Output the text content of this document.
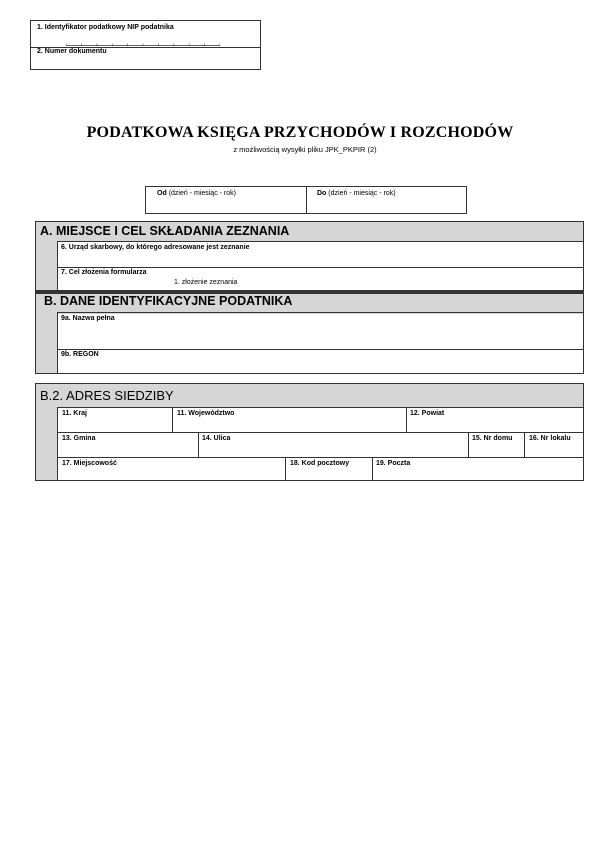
1. Identyfikator podatkowy NIP podatnika
2. Numer dokumentu
PODATKOWA KSIĘGA PRZYCHODÓW I ROZCHODÓW
z możliwością wysyłki pliku JPK_PKPIR (2)
Od (dzień - miesiąc - rok)	Do (dzień - miesiąc - rok)
A. MIEJSCE I CEL SKŁADANIA ZEZNANIA
6. Urząd skarbowy, do którego adresowane jest zeznanie
7. Cel złożenia formularza
1. złożenie zeznania
B. DANE IDENTYFIKACYJNE PODATNIKA
9a. Nazwa pełna
9b. REGON
B.2. ADRES SIEDZIBY
11. Kraj	11. Województwo	12. Powiat
13. Gmina	14. Ulica	15. Nr domu 16. Nr lokalu
17. Miejscowość	18. Kod pocztowy	19. Poczta
